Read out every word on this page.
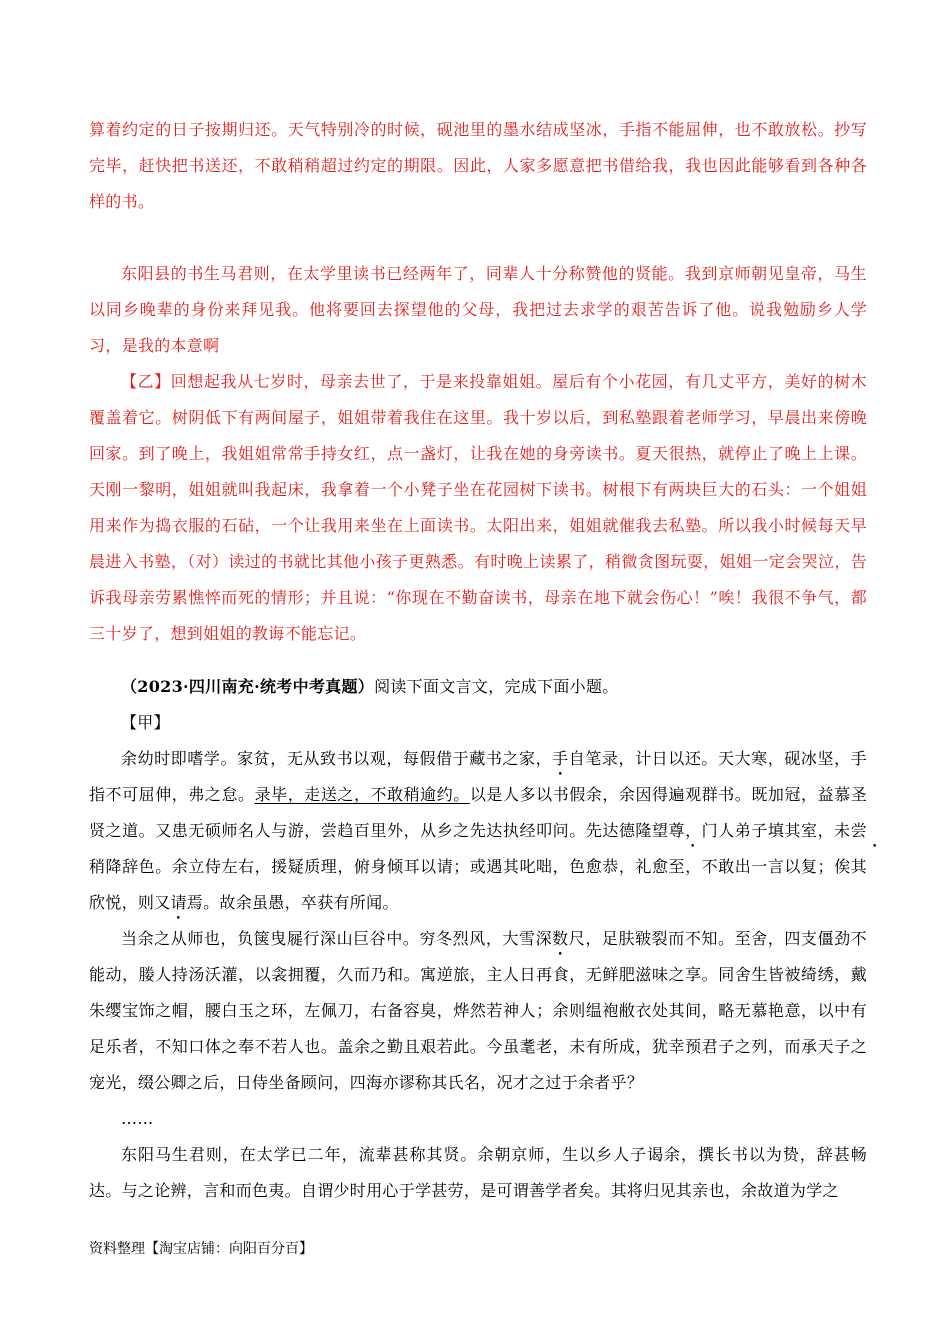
算着约定的日子按期归还。天气特别冷的时候，砚池里的墨水结成坚冰，手指不能屈伸，也不敢放松。抄写完毕，赶快把书送还，不敢稍稍超过约定的期限。因此，人家多愿意把书借给我，我也因此能够看到各种各样的书。
东阳县的书生马君则，在太学里读书已经两年了，同辈人十分称赞他的贤能。我到京师朝见皇帝，马生以同乡晚辈的身份来拜见我。他将要回去探望他的父母，我把过去求学的艰苦告诉了他。说我勉励乡人学习，是我的本意啊
【乙】回想起我从七岁时，母亲去世了，于是来投靠姐姐。屋后有个小花园，有几丈平方，美好的树木覆盖着它。树阴低下有两间屋子，姐姐带着我住在这里。我十岁以后，到私塾跟着老师学习，早晨出来傍晚回家。到了晚上，我姐姐常常手持女红，点一盏灯，让我在她的身旁读书。夏天很热，就停止了晚上上课。天刚一黎明，姐姐就叫我起床，我拿着一个小凳子坐在花园树下读书。树根下有两块巨大的石头：一个姐姐用来作为捣衣服的石砧，一个让我用来坐在上面读书。太阳出来，姐姐就催我去私塾。所以我小时候每天早晨进入书塾，（对）读过的书就比其他小孩子更熟悉。有时晚上读累了，稍微贪图玩耍，姐姐一定会哭泣，告诉我母亲劳累憔悴而死的情形；并且说：“你现在不勤奋读书，母亲在地下就会伤心！”唉！我很不争气，都三十岁了，想到姐姐的教诲不能忘记。
（2023·四川南充·统考中考真题）阅读下面文言文，完成下面小题。
【甲】
余幼时即嗜学。家贫，无从致书以观，每假借于藏书之家，手自笔录，计日以还。天大寒，砚冰坚，手指不可屈伸，弗之怠。录毕，走送之，不敢稍逾约。以是人多以书假余，余因得遍观群书。既加冠，益慕圣贤之道。又患无硕师名人与游，尝趋百里外，从乡之先达执经叩问。先达德隆望尊，门人弟子填其室，未尝稍降辞色。余立侍左右，援疑质理，俯身倾耳以请；或遇其叱咄，色愈恭，礼愈至，不敢出一言以复；俟其欣悦，则又请焉。故余虽愚，卒获有所闻。
当余之从师也，负箧曳屣行深山巨谷中。穷冬烈风，大雪深数尺，足肤皲裂而不知。至舍，四支僵劲不能动，媵人持汤沃灌，以衾拥覆，久而乃和。寓逆旅，主人日再食，无鲜肥滋味之享。同舍生皆被绮绣，戴朱缨宝饰之帽，腰白玉之环，左佩刀，右备容臭，烨然若神人；余则缊袍敝衣处其间，略无慕艳意，以中有足乐者，不知口体之奉不若人也。盖余之勤且艰若此。今虽耄老，未有所成，犹幸预君子之列，而承天子之宠光，缀公卿之后，日侍坐备顾问，四海亦谬称其氏名，况才之过于余者乎？
……
东阳马生君则，在太学已二年，流辈甚称其贤。余朝京师，生以乡人子谒余，撰长书以为贽，辞甚畅达。与之论辨，言和而色夷。自谓少时用心于学甚劳，是可谓善学者矣。其将归见其亲也，余故道为学之
资料整理【淘宝店铺：向阳百分百】
